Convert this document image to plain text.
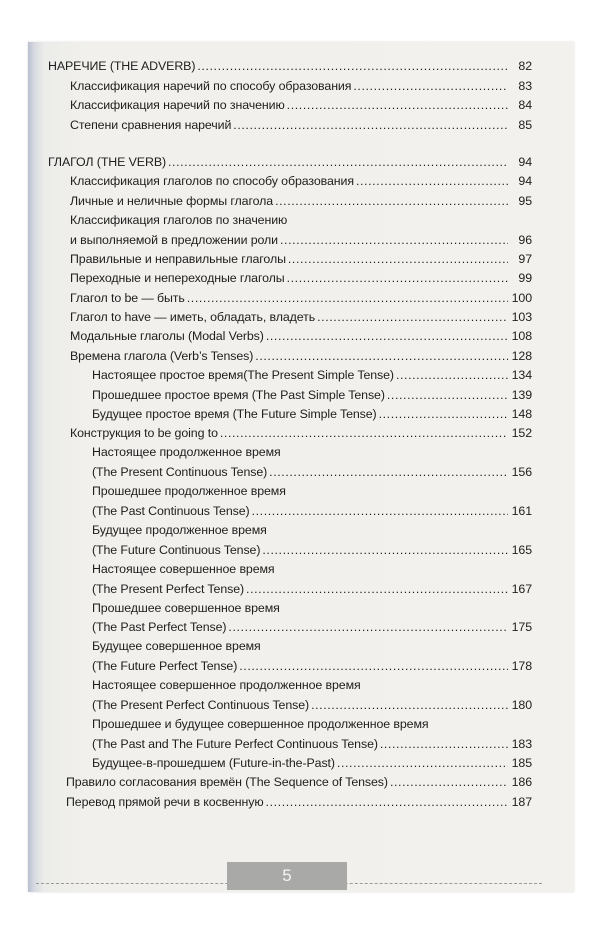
НАРЕЧИЕ (THE ADVERB) .....	82
Классификация наречий по способу образования .....	83
Классификация наречий по значению .....	84
Степени сравнения наречий .....	85
ГЛАГОЛ (THE VERB) .....	94
Классификация глаголов по способу образования .....	94
Личные и неличные формы глагола .....	95
Классификация глаголов по значению
и выполняемой в предложении роли .....	96
Правильные и неправильные глаголы .....	97
Переходные и непереходные глаголы .....	99
Глагол to be — быть .....	100
Глагол to have — иметь, обладать, владеть .....	103
Модальные глаголы (Modal Verbs) .....	108
Времена глагола (Verb’s Tenses) .....	128
Настоящее простое время(The Present Simple Tense) .....	134
Прошедшее простое время (The Past Simple Tense) .....	139
Будущее простое время (The Future Simple Tense) .....	148
Конструкция to be going to .....	152
Настоящее продолженное время
(The Present Continuous Tense) .....	156
Прошедшее продолженное время
(The Past Continuous Tense) .....	161
Будущее продолженное время
(The Future Continuous Tense) .....	165
Настоящее совершенное время
(The Present Perfect Tense) .....	167
Прошедшее совершенное время
(The Past Perfect Tense) .....	175
Будущее совершенное время
(The Future Perfect Tense) .....	178
Настоящее совершенное продолженное время
(The Present Perfect Continuous Tense) .....	180
Прошедшее и будущее совершенное продолженное время
(The Past and The Future Perfect Continuous Tense) .....	183
Будущее-в-прошедшем (Future-in-the-Past) .....	185
Правило согласования времён (The Sequence of Tenses) .....	186
Перевод прямой речи в косвенную .....	187
5
